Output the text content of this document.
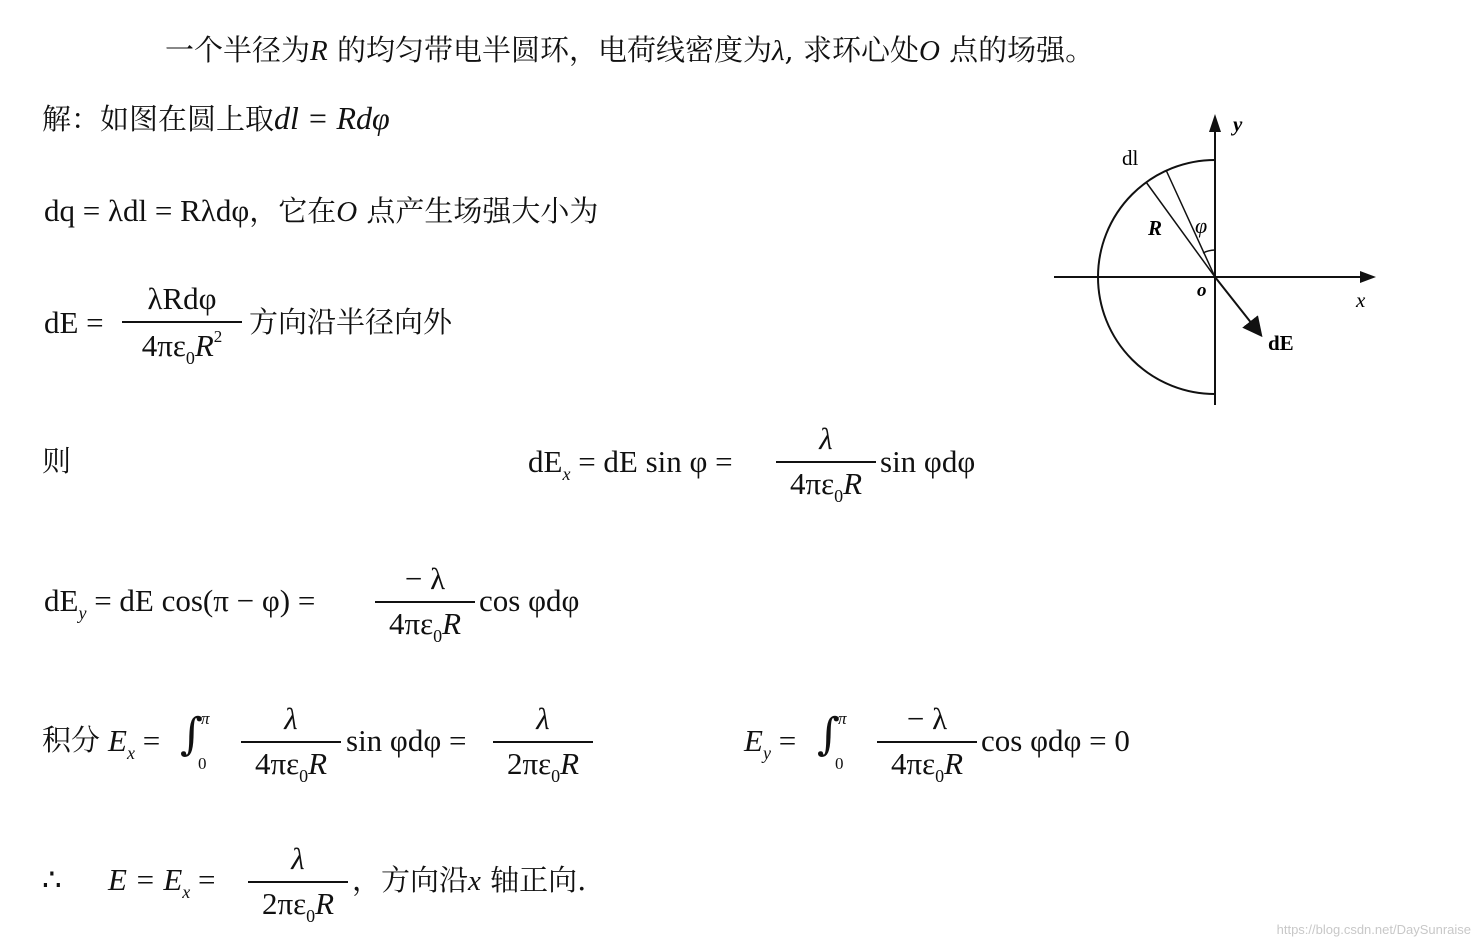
一个半径为R 的均匀带电半圆环，电荷线密度为λ, 求环心处O 点的场强。
解：如图在圆上取dl = Rdφ
dq = λdl = Rλdφ，它在O 点产生场强大小为
dE =
λRdφ
$4\pi\varepsilon_0R^2$ 方向沿半径向外
则	$dE_x$ = dE sin φ =
λ
$4\pi\varepsilon_0R$
sin φdφ
$dE_y$ = dE cos(π − φ) =
− λ
$4\pi\varepsilon_0R$
cos φdφ
积分 $E_x$ = ∫
π
0
λ
$4\pi\varepsilon_0R$
sin φdφ =
λ
$2\pi\varepsilon_0R$
$E_y$ = ∫
π
0
− λ
$4\pi\varepsilon_0R$
cos φdφ = 0
∴ $E = E_x$ =
λ
$2\pi\varepsilon_0R$
，方向沿x 轴正向.
y
x
o
dl
R φ
dE
https://blog.csdn.net/DaySunraise
